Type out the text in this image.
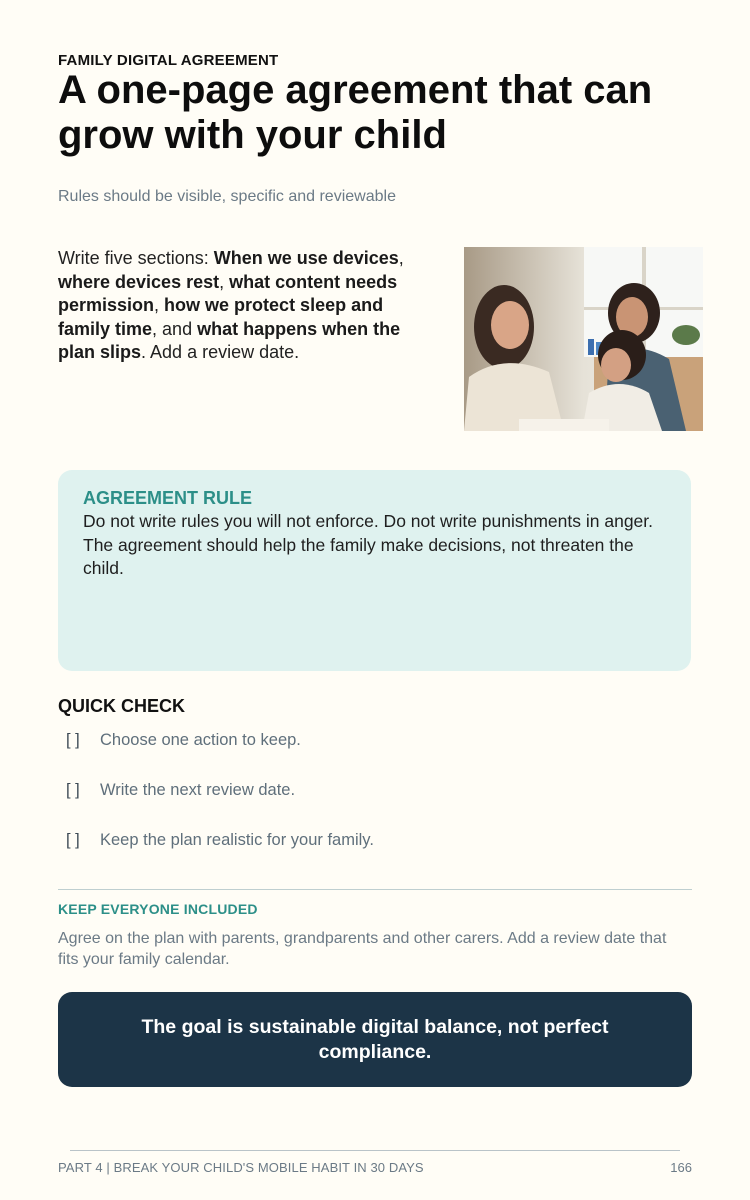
FAMILY DIGITAL AGREEMENT
A one-page agreement that can grow with your child
Rules should be visible, specific and reviewable

Write five sections: When we use devices, where devices rest, what content needs permission, how we protect sleep and family time, and what happens when the plan slips. Add a review date.

AGREEMENT RULE
Do not write rules you will not enforce. Do not write punishments in anger. The agreement should help the family make decisions, not threaten the child.
QUICK CHECK
[ ]	Choose one action to keep.
[ ]	Write the next review date.
[ ]	Keep the plan realistic for your family.
KEEP EVERYONE INCLUDED

Agree on the plan with parents, grandparents and other carers. Add a review date that fits your family calendar.

The goal is sustainable digital balance, not perfect compliance.
PART 4 | BREAK YOUR CHILD'S MOBILE HABIT IN 30 DAYS	166
